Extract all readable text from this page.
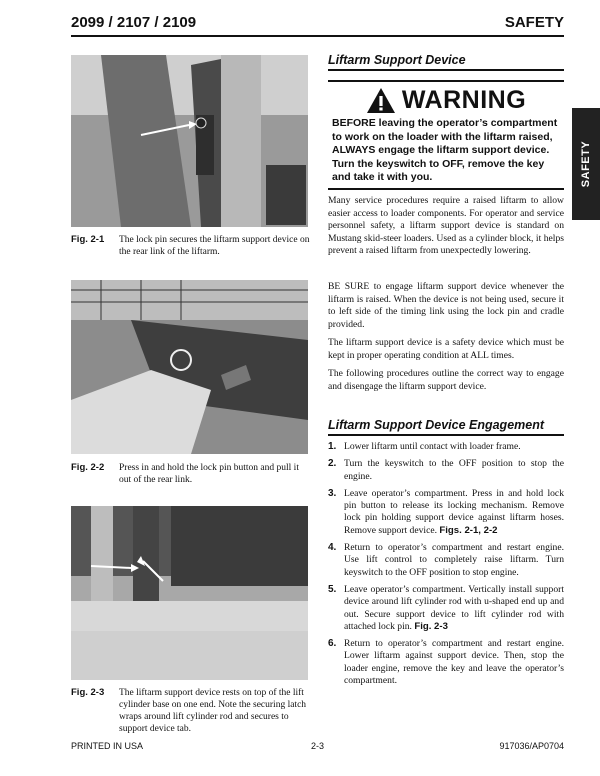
2099 / 2107 / 2109	SAFETY
SAFETY
Fig. 2-1 The lock pin secures the liftarm support device on the rear link of the liftarm.
Fig. 2-2 Press in and hold the lock pin button and pull it out of the rear link.
Fig. 2-3 The liftarm support device rests on top of the lift cylinder base on one end. Note the securing latch wraps around lift cylinder rod and secures to support device tab.
Liftarm Support Device
WARNING
BEFORE leaving the operator’s compartment to work on the loader with the liftarm raised, ALWAYS engage the liftarm support device. Turn the keyswitch to OFF, remove the key and take it with you.

Many service procedures require a raised liftarm to allow easier access to loader components. For operator and service personnel safety, a liftarm support device is standard on Mustang skid-steer loaders. Used as a cylinder block, it helps prevent a raised liftarm from unexpectedly lowering.

BE SURE to engage liftarm support device whenever the liftarm is raised. When the device is not being used, secure it to left side of the timing link using the lock pin and cradle provided.

The liftarm support device is a safety device which must be kept in proper operating condition at ALL times.

The following procedures outline the correct way to engage and disengage the liftarm support device.

Liftarm Support Device Engagement
1. Lower liftarm until contact with loader frame.
2. Turn the keyswitch to the OFF position to stop the engine.
3. Leave operator’s compartment. Press in and hold lock pin button to release its locking mechanism. Remove lock pin holding support device against liftarm hoses. Remove support device. Figs. 2-1, 2-2
4. Return to operator’s compartment and restart engine. Use lift control to completely raise liftarm. Turn keyswitch to the OFF position to stop engine.
5. Leave operator’s compartment. Vertically install support device around lift cylinder rod with u-shaped end up and out. Secure support device to lift cylinder rod with attached lock pin. Fig. 2-3
6. Return to operator’s compartment and restart engine. Lower liftarm against support device. Then, stop the loader engine, remove the key and leave the operator’s compartment.
PRINTED IN USA	2-3	917036/AP0704
